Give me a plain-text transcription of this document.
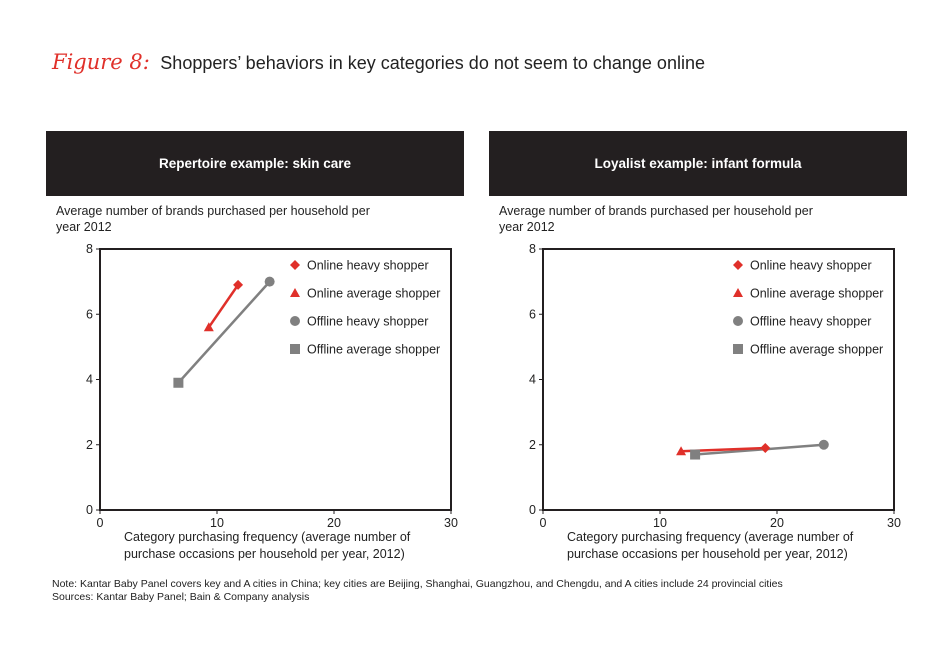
Figure 8: Shoppers’ behaviors in key categories do not seem to change online
Repertoire example: skin care
Average number of brands purchased per household per year 2012
0
2
4
6
8
0	10	20	30
Online heavy shopper
Online average shopper
Offline heavy shopper
Offline average shopper
Category purchasing frequency (average number of purchase occasions per household per year, 2012)
Loyalist example: infant formula
Average number of brands purchased per household per year 2012
0
2
4
6
8
0	10	20	30
Online heavy shopper
Online average shopper
Offline heavy shopper
Offline average shopper
Category purchasing frequency (average number of purchase occasions per household per year, 2012)
Note: Kantar Baby Panel covers key and A cities in China; key cities are Beijing, Shanghai, Guangzhou, and Chengdu, and A cities include 24 provincial cities
Sources: Kantar Baby Panel; Bain & Company analysis
